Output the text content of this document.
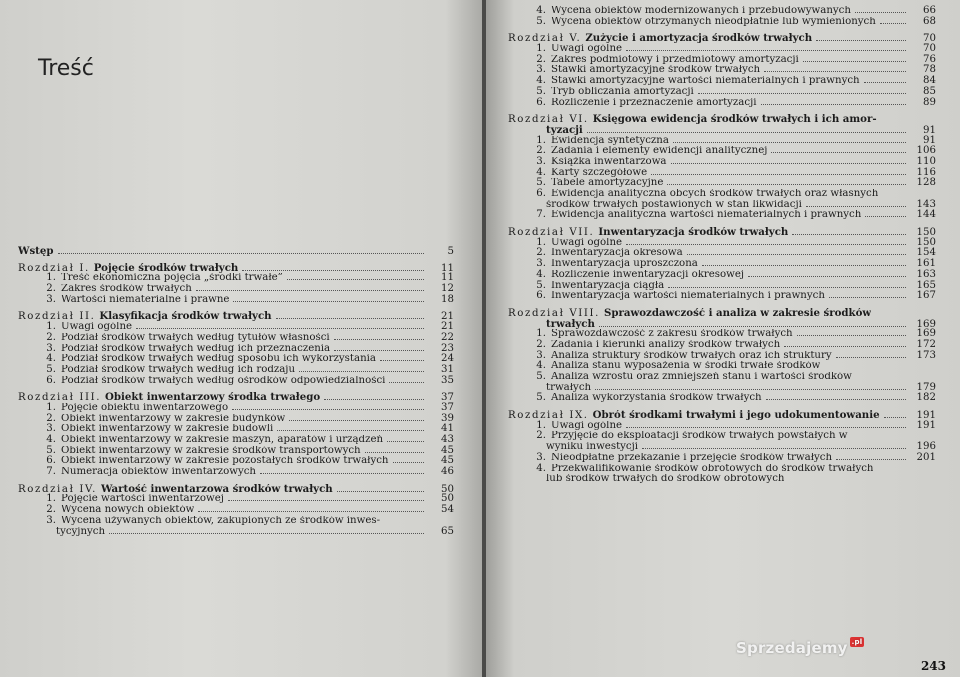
Treść
Wstęp	5
Rozdział I. Pojęcie środków trwałych	11
1. Treść ekonomiczna pojęcia „środki trwałe”	11
2. Zakres środków trwałych	12
3. Wartości niematerialne i prawne	18
Rozdział II. Klasyfikacja środków trwałych	21
1. Uwagi ogólne	21
2. Podział środków trwałych według tytułów własności	22
3. Podział środków trwałych według ich przeznaczenia	23
4. Podział środków trwałych według sposobu ich wykorzystania	24
5. Podział środków trwałych według ich rodzaju	31
6. Podział środków trwałych według ośrodków odpowiedzialności	35
Rozdział III. Obiekt inwentarzowy środka trwałego	37
1. Pojęcie obiektu inwentarzowego	37
2. Obiekt inwentarzowy w zakresie budynków	39
3. Obiekt inwentarzowy w zakresie budowli	41
4. Obiekt inwentarzowy w zakresie maszyn, aparatów i urządzeń	43
5. Obiekt inwentarzowy w zakresie środków transportowych	45
6. Obiekt inwentarzowy w zakresie pozostałych środków trwałych	45
7. Numeracja obiektów inwentarzowych	46
Rozdział IV. Wartość inwentarzowa środków trwałych	50
1. Pojęcie wartości inwentarzowej	50
2. Wycena nowych obiektów	54
3. Wycena używanych obiektów, zakupionych ze środków inwes-
tycyjnych	65
4. Wycena obiektów modernizowanych i przebudowywanych	66
5. Wycena obiektów otrzymanych nieodpłatnie lub wymienionych	68
Rozdział V. Zużycie i amortyzacja środków trwałych	70
1. Uwagi ogólne	70
2. Zakres podmiotowy i przedmiotowy amortyzacji	76
3. Stawki amortyzacyjne środków trwałych	78
4. Stawki amortyzacyjne wartości niematerialnych i prawnych	84
5. Tryb obliczania amortyzacji	85
6. Rozliczenie i przeznaczenie amortyzacji	89
Rozdział VI. Księgowa ewidencja środków trwałych i ich amor-
tyzacji	91
1. Ewidencja syntetyczna	91
2. Zadania i elementy ewidencji analitycznej	106
3. Książka inwentarzowa	110
4. Karty szczegółowe	116
5. Tabele amortyzacyjne	128
6. Ewidencja analityczna obcych środków trwałych oraz własnych
środków trwałych postawionych w stan likwidacji	143
7. Ewidencja analityczna wartości niematerialnych i prawnych	144
Rozdział VII. Inwentaryzacja środków trwałych	150
1. Uwagi ogólne	150
2. Inwentaryzacja okresowa	154
3. Inwentaryzacja uproszczona	161
4. Rozliczenie inwentaryzacji okresowej	163
5. Inwentaryzacja ciągła	165
6. Inwentaryzacja wartości niematerialnych i prawnych	167
Rozdział VIII. Sprawozdawczość i analiza w zakresie środków
trwałych	169
1. Sprawozdawczość z zakresu środków trwałych	169
2. Zadania i kierunki analizy środków trwałych	172
3. Analiza struktury środków trwałych oraz ich struktury	173
4. Analiza stanu wyposażenia w środki trwałe środków
5. Analiza wzrostu oraz zmniejszeń stanu i wartości środków
trwałych	179
5. Analiza wykorzystania środków trwałych	182
Rozdział IX. Obrót środkami trwałymi i jego udokumentowanie	191
1. Uwagi ogólne	191
2. Przyjęcie do eksploatacji środków trwałych powstałych w
wyniku inwestycji	196
3. Nieodpłatne przekazanie i przejęcie środków trwałych	201
4. Przekwalifikowanie środków obrotowych do środków trwałych
lub środków trwałych do środków obrotowych
243
Sprzedajemy .pl
